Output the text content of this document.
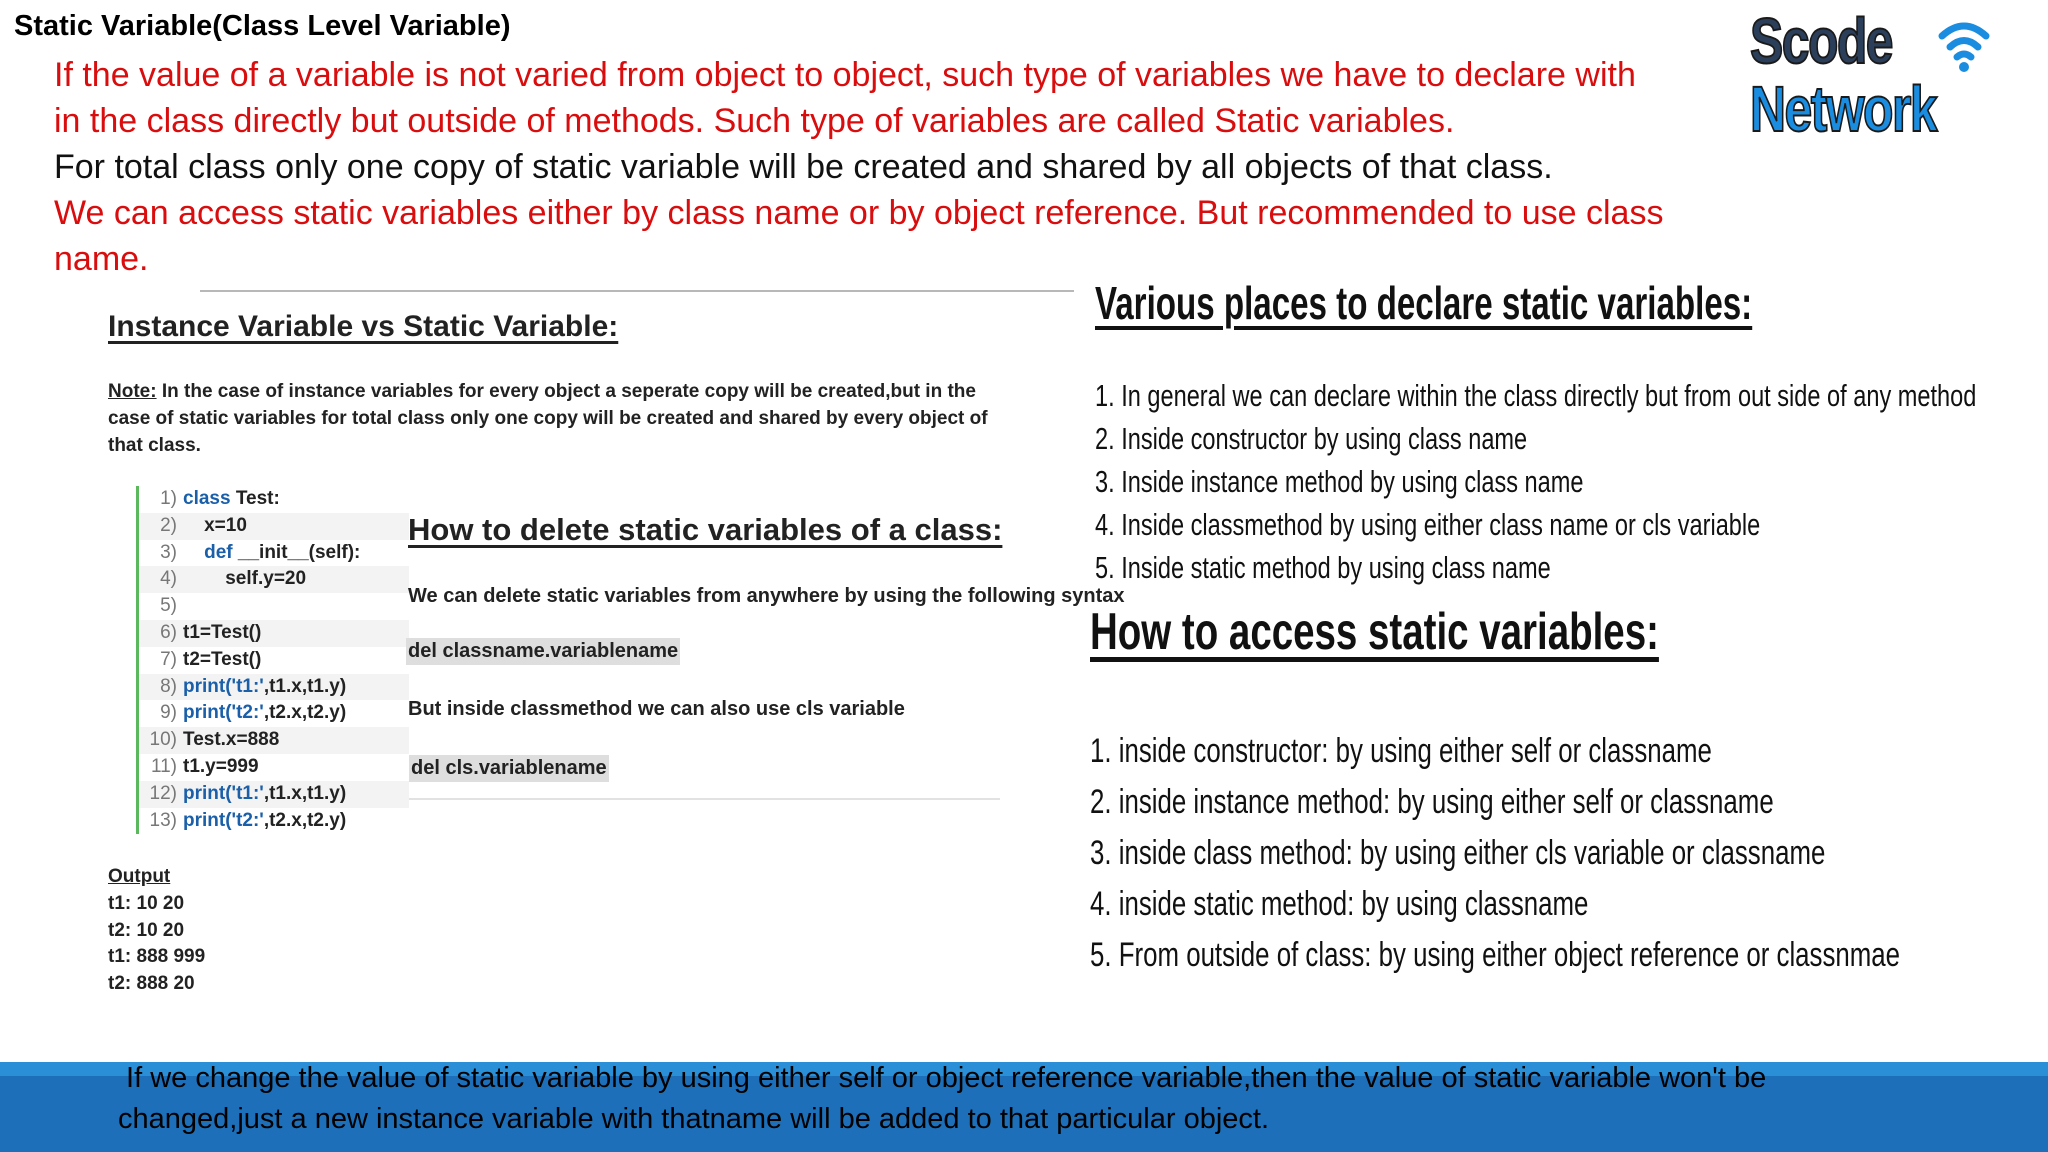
Static Variable(Class Level Variable)
If the value of a variable is not varied from object to object, such type of variables we have to declare with
in the class directly but outside of methods. Such type of variables are called Static variables.
For total class only one copy of static variable will be created and shared by all objects of that class.
We can access static variables either by class name or by object reference. But recommended to use class
name.
Scode
Network
Instance Variable vs Static Variable:
Note: In the case of instance variables for every object a seperate copy will be created,but in the case of static variables for total class only one copy will be created and shared by every object of that class.
1) class Test:
2)    x=10
3)    def __init__(self):
4)        self.y=20
5)
6) t1=Test()
7) t2=Test()
8) print('t1:',t1.x,t1.y)
9) print('t2:',t2.x,t2.y)
10) Test.x=888
11) t1.y=999
12) print('t1:',t1.x,t1.y)
13) print('t2:',t2.x,t2.y)
Output
t1: 10 20
t2: 10 20
t1: 888 999
t2: 888 20
How to delete static variables of a class:
We can delete static variables from anywhere by using the following syntax
del classname.variablename
But inside classmethod we can also use cls variable
del cls.variablename
Various places to declare static variables:
1. In general we can declare within the class directly but from out side of any method
2. Inside constructor by using class name
3. Inside instance method by using class name
4. Inside classmethod by using either class name or cls variable
5. Inside static method by using class name
How to access static variables:
1. inside constructor: by using either self or classname
2. inside instance method: by using either self or classname
3. inside class method: by using either cls variable or classname
4. inside static method: by using classname
5. From outside of class: by using either object reference or classnmae
If we change the value of static variable by using either self or object reference variable,then the value of static variable won't be
changed,just a new instance variable with thatname will be added to that particular object.
